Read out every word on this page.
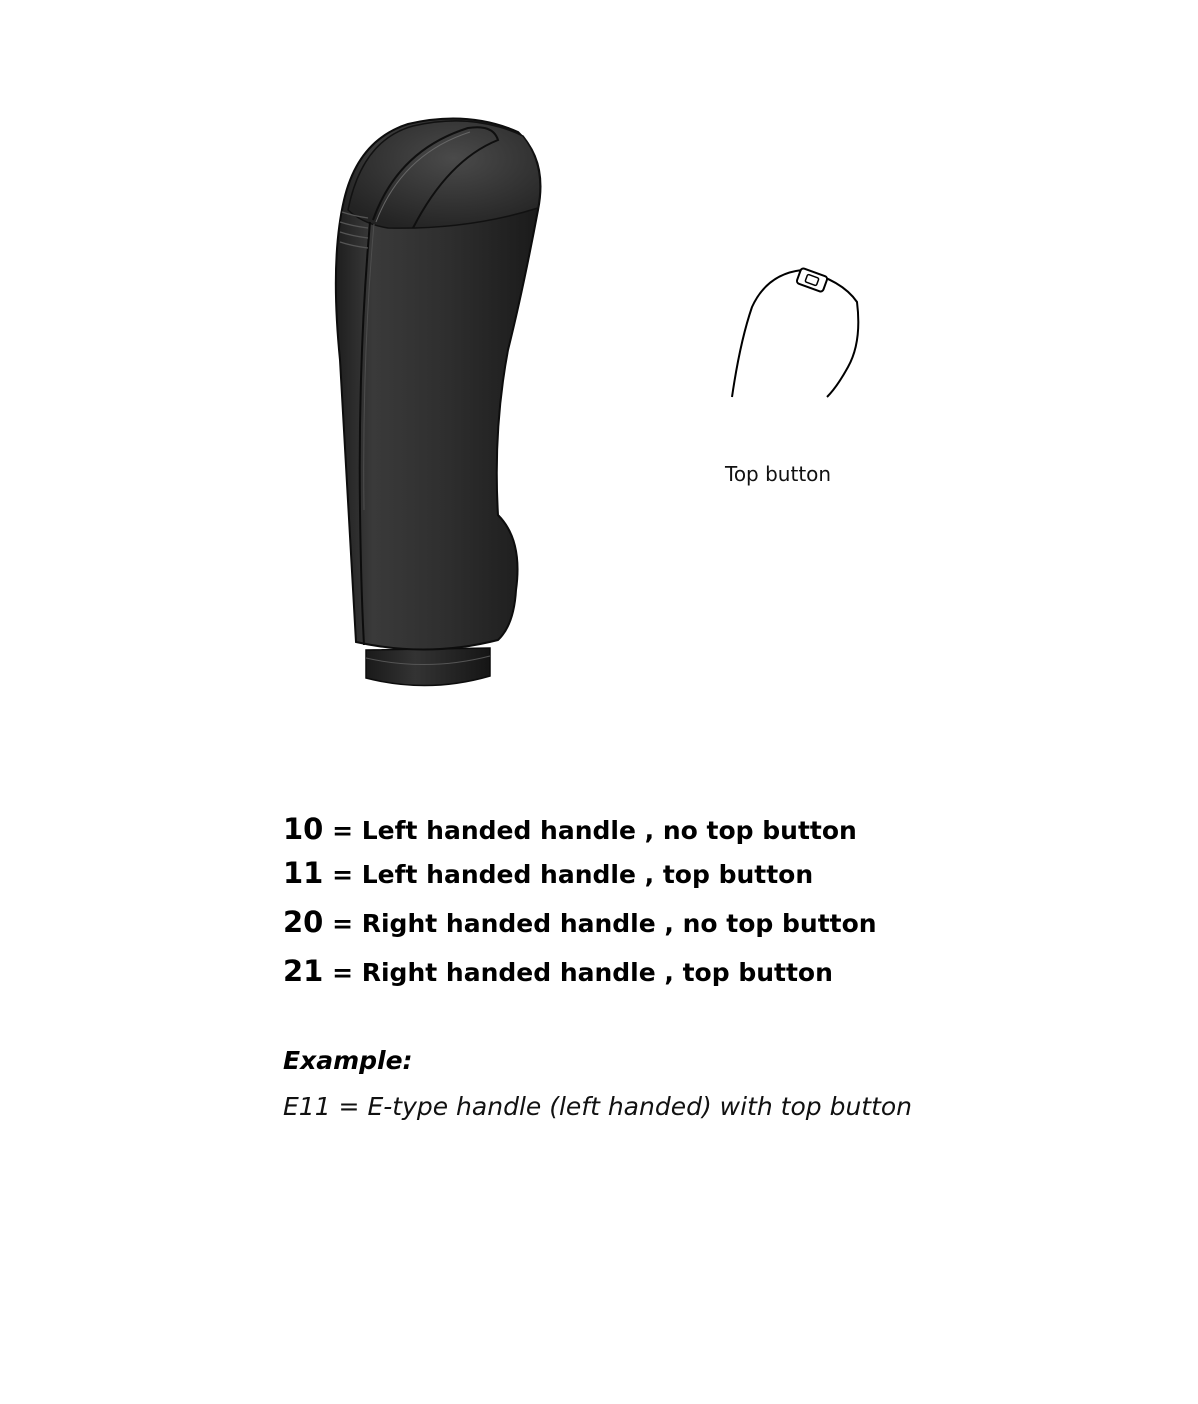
Top button
10 = Left handed handle , no top button
11 = Left handed handle , top button
20 = Right handed handle , no top button
21 = Right handed handle , top button
Example:
E11 = E-type handle (left handed) with top button
